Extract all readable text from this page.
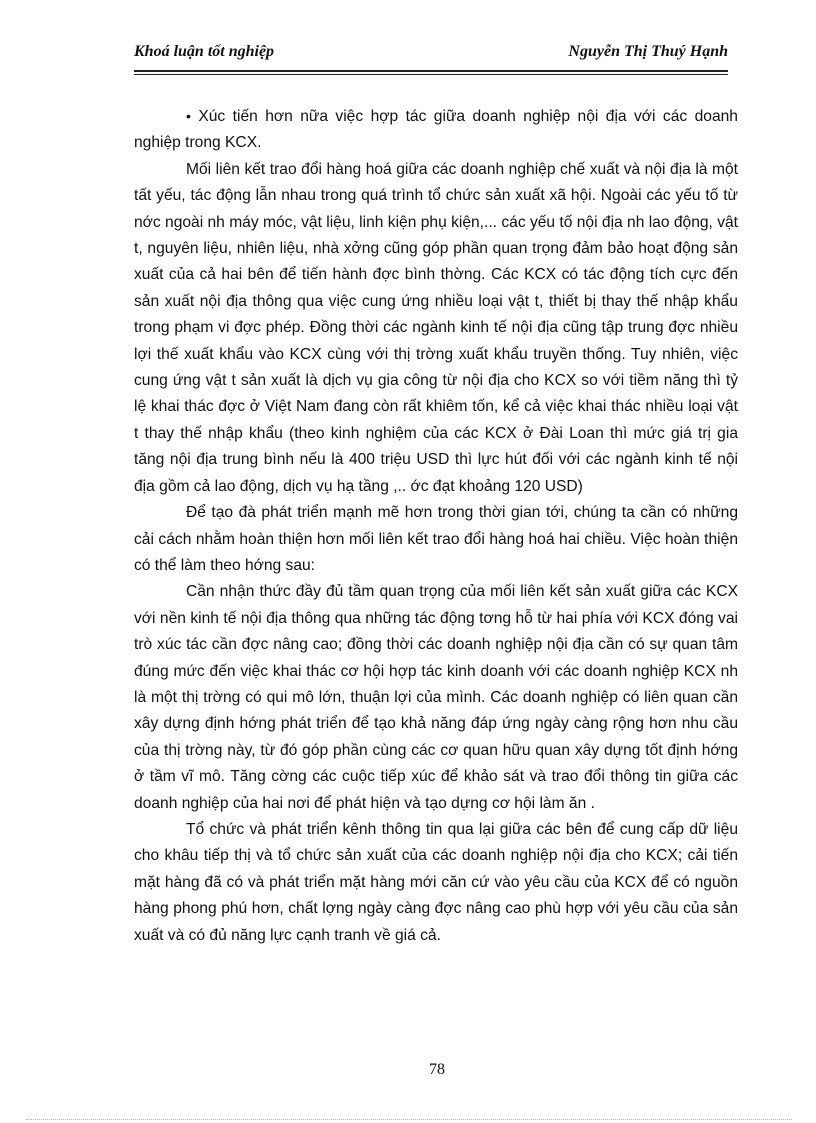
Khoá luận tốt nghiệp	Nguyễn Thị Thuý Hạnh

• Xúc tiến hơn nữa việc hợp tác giữa doanh nghiệp nội địa với các doanh nghiệp trong KCX.

Mối liên kết trao đổi hàng hoá giữa các doanh nghiệp chế xuất và nội địa là một tất yếu, tác động lẫn nhau trong quá trình tổ chức sản xuất xã hội. Ngoài các yếu tố từ nớc ngoài nh máy móc, vật liệu, linh kiện phụ kiện,... các yếu tố nội địa nh lao động, vật t, nguyên liệu, nhiên liệu, nhà xởng cũng góp phần quan trọng đảm bảo hoạt động sản xuất của cả hai bên để tiến hành đợc bình thờng. Các KCX có tác động tích cực đến sản xuất nội địa thông qua việc cung ứng nhiều loại vật t, thiết bị thay thế nhập khẩu trong phạm vi đợc phép. Đồng thời các ngành kinh tế nội địa cũng tập trung đợc nhiều lợi thế xuất khẩu vào KCX cùng với thị trờng xuất khẩu truyền thống. Tuy nhiên, việc cung ứng vật t sản xuất là dịch vụ gia công từ nội địa cho KCX so với tiềm năng thì tỷ lệ khai thác đợc ở Việt Nam đang còn rất khiêm tốn, kể cả việc khai thác nhiều loại vật t thay thế nhập khẩu (theo kinh nghiệm của các KCX ở Đài Loan thì mức giá trị gia tăng nội địa trung bình nếu là 400 triệu USD thì lực hút đối với các ngành kinh tế nội địa gồm cả lao động, dịch vụ hạ tầng ,.. ớc đạt khoảng 120 USD)

Để tạo đà phát triển mạnh mẽ hơn trong thời gian tới, chúng ta cần có những cải cách nhằm hoàn thiện hơn mối liên kết trao đổi hàng hoá hai chiều. Việc hoàn thiện có thể làm theo hớng sau:

Cần nhận thức đầy đủ tầm quan trọng của mối liên kết sản xuất giữa các KCX với nền kinh tế nội địa thông qua những tác động tơng hỗ từ hai phía với KCX đóng vai trò xúc tác cần đợc nâng cao; đồng thời các doanh nghiệp nội địa cần có sự quan tâm đúng mức đến việc khai thác cơ hội hợp tác kinh doanh với các doanh nghiệp KCX nh là một thị trờng có qui mô lớn, thuận lợi của mình. Các doanh nghiệp có liên quan cần xây dựng định hớng phát triển để tạo khả năng đáp ứng ngày càng rộng hơn nhu cầu của thị trờng này, từ đó góp phần cùng các cơ quan hữu quan xây dựng tốt định hớng ở tầm vĩ mô. Tăng cờng các cuộc tiếp xúc để khảo sát và trao đổi thông tin giữa các doanh nghiệp của hai nơi để phát hiện và tạo dựng cơ hội làm ăn .

Tổ chức và phát triển kênh thông tin qua lại giữa các bên để cung cấp dữ liệu cho khâu tiếp thị và tổ chức sản xuất của các doanh nghiệp nội địa cho KCX; cải tiến mặt hàng đã có và phát triển mặt hàng mới căn cứ vào yêu cầu của KCX để có nguồn hàng phong phú hơn, chất lợng ngày càng đợc nâng cao phù hợp với yêu cầu của sản xuất và có đủ năng lực cạnh tranh về giá cả.

78
